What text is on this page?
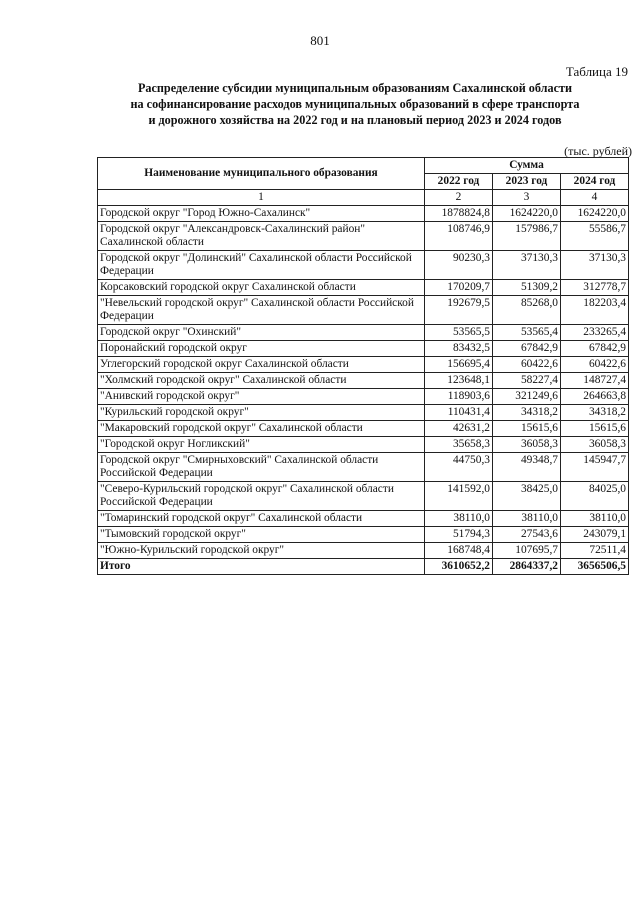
801
Таблица 19
Распределение субсидии муниципальным образованиям Сахалинской области
на софинансирование расходов муниципальных образований в сфере транспорта
и дорожного хозяйства на 2022 год и на плановый период 2023 и 2024 годов
(тыс. рублей)
Наименование муниципального образования	Сумма		
	2022 год	2023 год	2024 год
1	2	3	4
Городской округ "Город Южно-Сахалинск"	1878824,8	1624220,0	1624220,0
Городской округ "Александровск-Сахалинский район" Сахалинской области	108746,9	157986,7	55586,7
Городской округ "Долинский" Сахалинской области Российской Федерации	90230,3	37130,3	37130,3
Корсаковский городской округ Сахалинской области	170209,7	51309,2	312778,7
"Невельский городской округ" Сахалинской области Российской Федерации	192679,5	85268,0	182203,4
Городской округ "Охинский"	53565,5	53565,4	233265,4
Поронайский городской округ	83432,5	67842,9	67842,9
Углегорский городской округ Сахалинской области	156695,4	60422,6	60422,6
"Холмский городской округ" Сахалинской области	123648,1	58227,4	148727,4
"Анивский городской округ"	118903,6	321249,6	264663,8
"Курильский городской округ"	110431,4	34318,2	34318,2
"Макаровский городской округ" Сахалинской области	42631,2	15615,6	15615,6
"Городской округ Ногликский"	35658,3	36058,3	36058,3
Городской округ "Смирныховский" Сахалинской области Российской Федерации	44750,3	49348,7	145947,7
"Северо-Курильский городской округ" Сахалинской области Российской Федерации	141592,0	38425,0	84025,0
"Томаринский городской округ" Сахалинской области	38110,0	38110,0	38110,0
"Тымовский городской округ"	51794,3	27543,6	243079,1
"Южно-Курильский городской округ"	168748,4	107695,7	72511,4
Итого	3610652,2	2864337,2	3656506,5
